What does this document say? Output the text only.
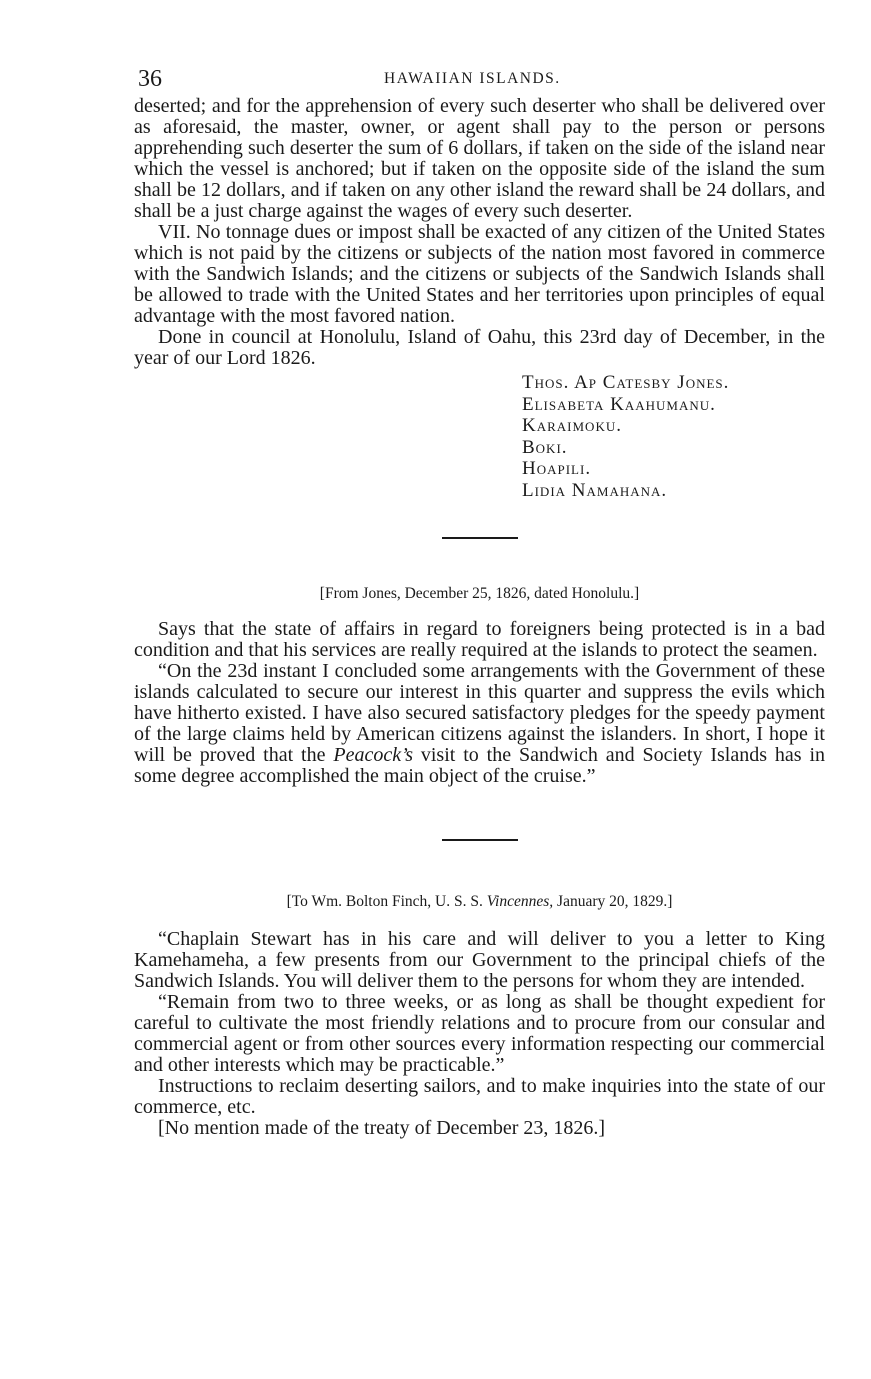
36	HAWAIIAN ISLANDS.

deserted; and for the apprehension of every such deserter who shall be delivered over as aforesaid, the master, owner, or agent shall pay to the person or persons apprehending such deserter the sum of 6 dollars, if taken on the side of the island near which the vessel is anchored; but if taken on the opposite side of the island the sum shall be 12 dollars, and if taken on any other island the reward shall be 24 dollars, and shall be a just charge against the wages of every such deserter.

VII. No tonnage dues or impost shall be exacted of any citizen of the United States which is not paid by the citizens or subjects of the nation most favored in commerce with the Sandwich Islands; and the citizens or subjects of the Sandwich Islands shall be allowed to trade with the United States and her territories upon principles of equal advantage with the most favored nation.

Done in council at Honolulu, Island of Oahu, this 23rd day of December, in the year of our Lord 1826.

Thos. Ap Catesby Jones.
Elisabeta Kaahumanu.
Karaimoku.
Boki.
Hoapili.
Lidia Namahana.
[From Jones, December 25, 1826, dated Honolulu.]

Says that the state of affairs in regard to foreigners being protected is in a bad condition and that his services are really required at the islands to protect the seamen.

“On the 23d instant I concluded some arrangements with the Government of these islands calculated to secure our interest in this quarter and suppress the evils which have hitherto existed. I have also secured satisfactory pledges for the speedy payment of the large claims held by American citizens against the islanders. In short, I hope it will be proved that the Peacock’s visit to the Sandwich and Society Islands has in some degree accomplished the main object of the cruise.”

[To Wm. Bolton Finch, U. S. S. Vincennes, January 20, 1829.]

“Chaplain Stewart has in his care and will deliver to you a letter to King Kamehameha, a few presents from our Government to the principal chiefs of the Sandwich Islands. You will deliver them to the persons for whom they are intended.

“Remain from two to three weeks, or as long as shall be thought expedient for careful to cultivate the most friendly relations and to procure from our consular and commercial agent or from other sources every information respecting our commercial and other interests which may be practicable.”

Instructions to reclaim deserting sailors, and to make inquiries into the state of our commerce, etc.

[No mention made of the treaty of December 23, 1826.]
